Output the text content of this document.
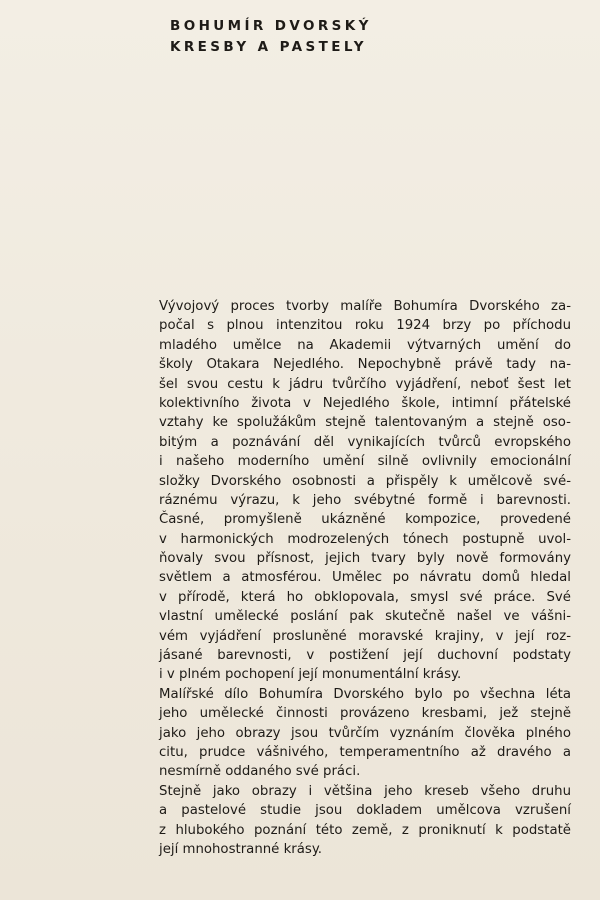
BOHUMÍR DVORSKÝ
KRESBY A PASTELY
Vývojový proces tvorby malíře Bohumíra Dvorského za-
počal s plnou intenzitou roku 1924 brzy po příchodu
mladého umělce na Akademii výtvarných umění do
školy Otakara Nejedlého. Nepochybně právě tady na-
šel svou cestu k jádru tvůrčího vyjádření, neboť šest let
kolektivního života v Nejedlého škole, intimní přátelské
vztahy ke spolužákům stejně talentovaným a stejně oso-
bitým a poznávání děl vynikajících tvůrců evropského
i našeho moderního umění silně ovlivnily emocionální
složky Dvorského osobnosti a přispěly k umělcově své-
ráznému výrazu, k jeho svébytné formě i barevnosti.
Časné, promyšleně ukázněné kompozice, provedené
v harmonických modrozelených tónech postupně uvol-
ňovaly svou přísnost, jejich tvary byly nově formovány
světlem a atmosférou. Umělec po návratu domů hledal
v přírodě, která ho obklopovala, smysl své práce. Své
vlastní umělecké poslání pak skutečně našel ve vášni-
vém vyjádření prosluněné moravské krajiny, v její roz-
jásané barevnosti, v postižení její duchovní podstaty
i v plném pochopení její monumentální krásy.
Malířské dílo Bohumíra Dvorského bylo po všechna léta
jeho umělecké činnosti provázeno kresbami, jež stejně
jako jeho obrazy jsou tvůrčím vyznáním člověka plného
citu, prudce vášnivého, temperamentního až dravého a
nesmírně oddaného své práci.
Stejně jako obrazy i většina jeho kreseb všeho druhu
a pastelové studie jsou dokladem umělcova vzrušení
z hlubokého poznání této země, z proniknutí k podstatě
její mnohostranné krásy.
